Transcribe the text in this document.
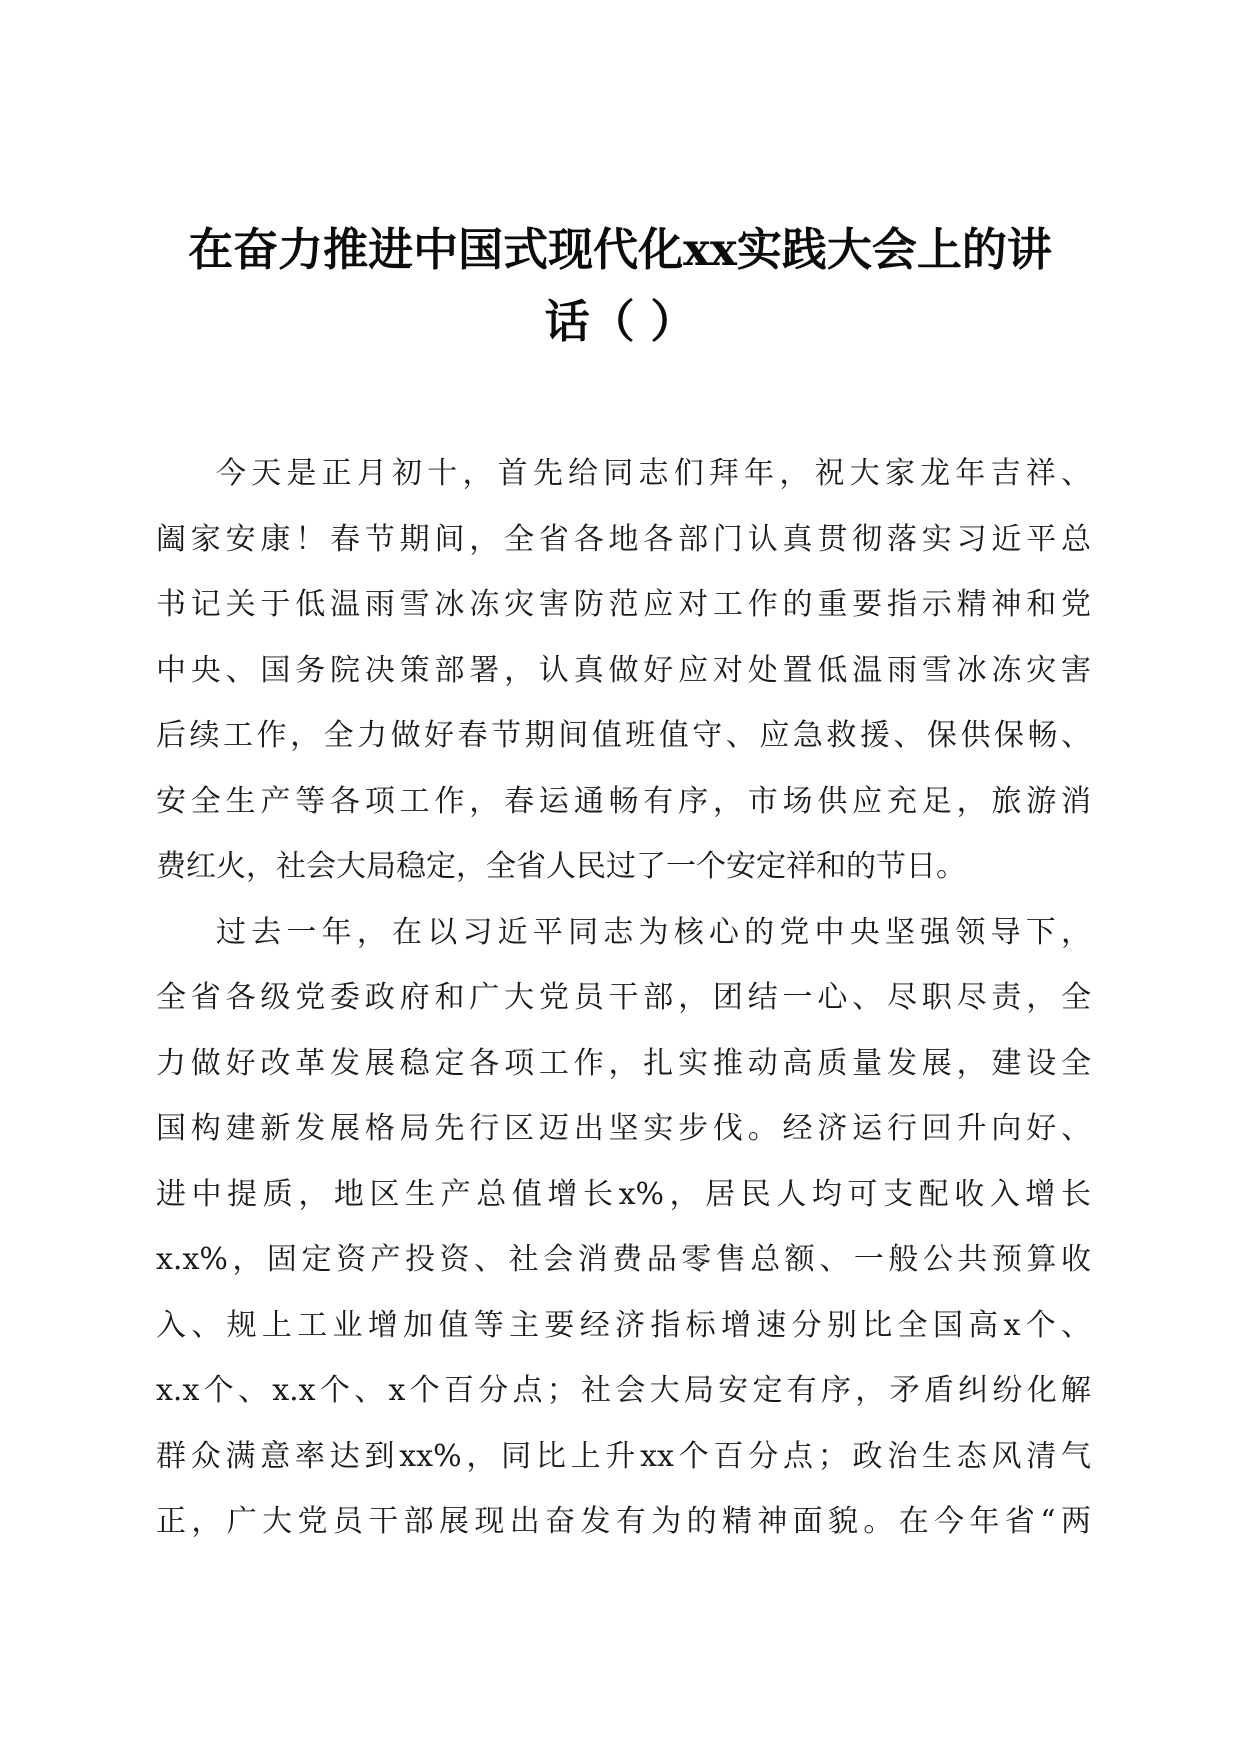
在奋力推进中国式现代化xx实践大会上的讲
话（ ）
今天是正月初十，首先给同志们拜年，祝大家龙年吉祥、
阖家安康！春节期间，全省各地各部门认真贯彻落实习近平总
书记关于低温雨雪冰冻灾害防范应对工作的重要指示精神和党
中央、国务院决策部署，认真做好应对处置低温雨雪冰冻灾害
后续工作，全力做好春节期间值班值守、应急救援、保供保畅、
安全生产等各项工作，春运通畅有序，市场供应充足，旅游消
费红火，社会大局稳定，全省人民过了一个安定祥和的节日。
过去一年，在以习近平同志为核心的党中央坚强领导下，
全省各级党委政府和广大党员干部，团结一心、尽职尽责，全
力做好改革发展稳定各项工作，扎实推动高质量发展，建设全
国构建新发展格局先行区迈出坚实步伐。经济运行回升向好、
进中提质，地区生产总值增长x%，居民人均可支配收入增长
x.x%，固定资产投资、社会消费品零售总额、一般公共预算收
入、规上工业增加值等主要经济指标增速分别比全国高x个、
x.x个、x.x个、x个百分点；社会大局安定有序，矛盾纠纷化解
群众满意率达到xx%，同比上升xx个百分点；政治生态风清气
正，广大党员干部展现出奋发有为的精神面貌。在今年省“两
